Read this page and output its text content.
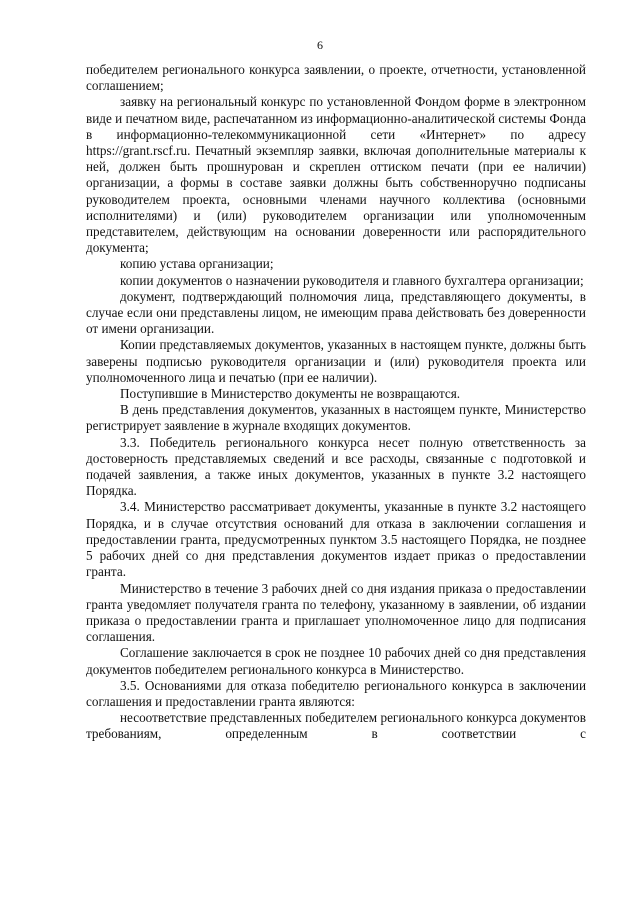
6

победителем регионального конкурса заявлении, о проекте, отчетности, установленной соглашением;

заявку на региональный конкурс по установленной Фондом форме в электронном виде и печатном виде, распечатанном из информационно-аналитической системы Фонда в информационно-телекоммуникационной сети «Интернет» по адресу https://grant.rscf.ru. Печатный экземпляр заявки, включая дополнительные материалы к ней, должен быть прошнурован и скреплен оттиском печати (при ее наличии) организации, а формы в составе заявки должны быть собственноручно подписаны руководителем проекта, основными членами научного коллектива (основными исполнителями) и (или) руководителем организации или уполномоченным представителем, действующим на основании доверенности или распорядительного документа;

копию устава организации;

копии документов о назначении руководителя и главного бухгалтера организации;

документ, подтверждающий полномочия лица, представляющего документы, в случае если они представлены лицом, не имеющим права действовать без доверенности от имени организации.

Копии представляемых документов, указанных в настоящем пункте, должны быть заверены подписью руководителя организации и (или) руководителя проекта или уполномоченного лица и печатью (при ее наличии).

Поступившие в Министерство документы не возвращаются.

В день представления документов, указанных в настоящем пункте, Министерство регистрирует заявление в журнале входящих документов.

3.3. Победитель регионального конкурса несет полную ответственность за достоверность представляемых сведений и все расходы, связанные с подготовкой и подачей заявления, а также иных документов, указанных в пункте 3.2 настоящего Порядка.

3.4. Министерство рассматривает документы, указанные в пункте 3.2 настоящего Порядка, и в случае отсутствия оснований для отказа в заключении соглашения и предоставлении гранта, предусмотренных пунктом 3.5 настоящего Порядка, не позднее 5 рабочих дней со дня представления документов издает приказ о предоставлении гранта.

Министерство в течение 3 рабочих дней со дня издания приказа о предоставлении гранта уведомляет получателя гранта по телефону, указанному в заявлении, об издании приказа о предоставлении гранта и приглашает уполномоченное лицо для подписания соглашения.

Соглашение заключается в срок не позднее 10 рабочих дней со дня представления документов победителем регионального конкурса в Министерство.

3.5. Основаниями для отказа победителю регионального конкурса в заключении соглашения и предоставлении гранта являются:

несоответствие представленных победителем регионального конкурса документов требованиям, определенным в соответствии с
